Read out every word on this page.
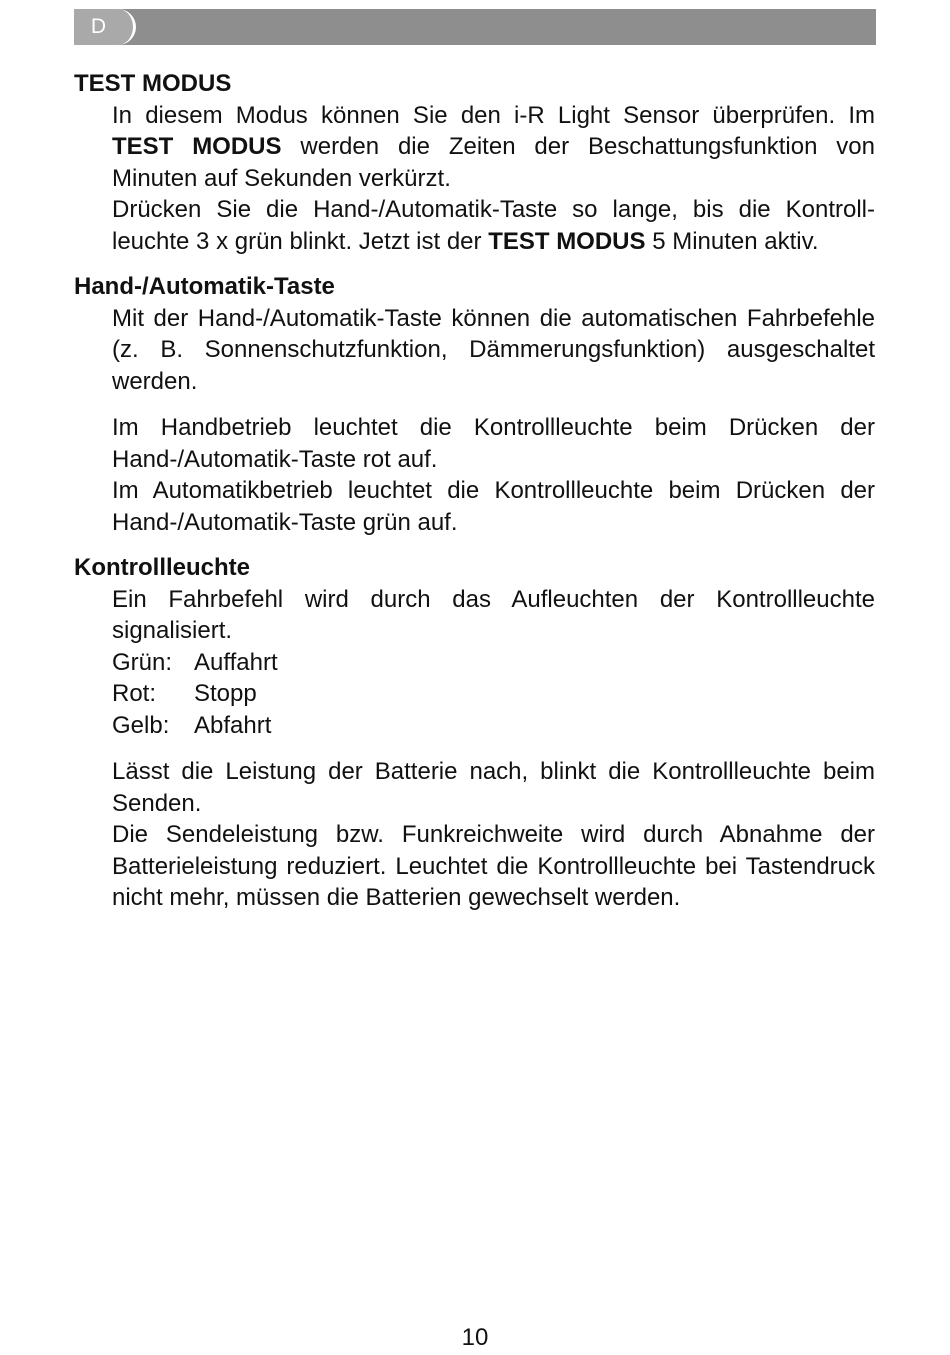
D
TEST MODUS

In diesem Modus können Sie den i-R Light Sensor überprüfen. Im TEST MODUS werden die Zeiten der Beschattungsfunktion von Minuten auf Sekunden verkürzt.

Drücken Sie die Hand-/Automatik-Taste so lange, bis die Kontroll-leuchte 3 x grün blinkt. Jetzt ist der TEST MODUS 5 Minuten aktiv.

Hand-/Automatik-Taste

Mit der Hand-/Automatik-Taste können die automatischen Fahrbefehle (z. B. Sonnenschutzfunktion, Dämmerungsfunktion) ausgeschaltet werden.

Im Handbetrieb leuchtet die Kontrollleuchte beim Drücken der Hand-/Automatik-Taste rot auf.

Im Automatikbetrieb leuchtet die Kontrollleuchte beim Drücken der Hand-/Automatik-Taste grün auf.

Kontrollleuchte

Ein Fahrbefehl wird durch das Aufleuchten der Kontrollleuchte signalisiert.

Grün: Auffahrt
Rot:	Stopp
Gelb:	Abfahrt

Lässt die Leistung der Batterie nach, blinkt die Kontrollleuchte beim Senden.

Die Sendeleistung bzw. Funkreichweite wird durch Abnahme der Batterieleistung reduziert. Leuchtet die Kontrollleuchte bei Tastendruck nicht mehr, müssen die Batterien gewechselt werden.

10
